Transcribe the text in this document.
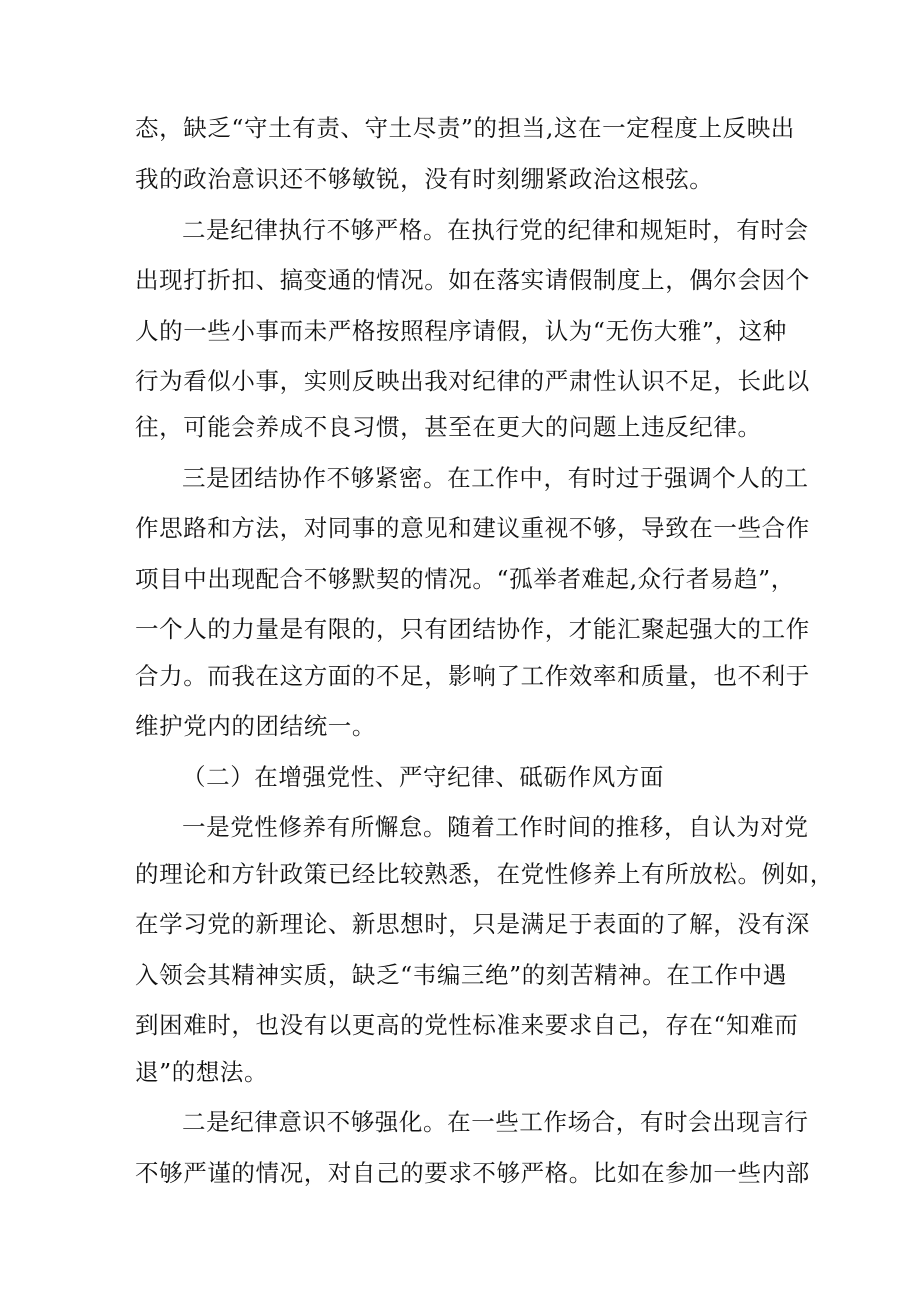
态，缺乏“守土有责、守土尽责”的担当,这在一定程度上反映出
我的政治意识还不够敏锐，没有时刻绷紧政治这根弦。
二是纪律执行不够严格。在执行党的纪律和规矩时，有时会
出现打折扣、搞变通的情况。如在落实请假制度上，偶尔会因个
人的一些小事而未严格按照程序请假，认为“无伤大雅”，这种
行为看似小事，实则反映出我对纪律的严肃性认识不足，长此以
往，可能会养成不良习惯，甚至在更大的问题上违反纪律。
三是团结协作不够紧密。在工作中，有时过于强调个人的工
作思路和方法，对同事的意见和建议重视不够，导致在一些合作
项目中出现配合不够默契的情况。“孤举者难起,众行者易趋”，
一个人的力量是有限的，只有团结协作，才能汇聚起强大的工作
合力。而我在这方面的不足，影响了工作效率和质量，也不利于
维护党内的团结统一。
（二）在增强党性、严守纪律、砥砺作风方面
一是党性修养有所懈怠。随着工作时间的推移，自认为对党
的理论和方针政策已经比较熟悉，在党性修养上有所放松。例如，
在学习党的新理论、新思想时，只是满足于表面的了解，没有深
入领会其精神实质，缺乏“韦编三绝”的刻苦精神。在工作中遇
到困难时，也没有以更高的党性标准来要求自己，存在“知难而
退”的想法。
二是纪律意识不够强化。在一些工作场合，有时会出现言行
不够严谨的情况，对自己的要求不够严格。比如在参加一些内部
